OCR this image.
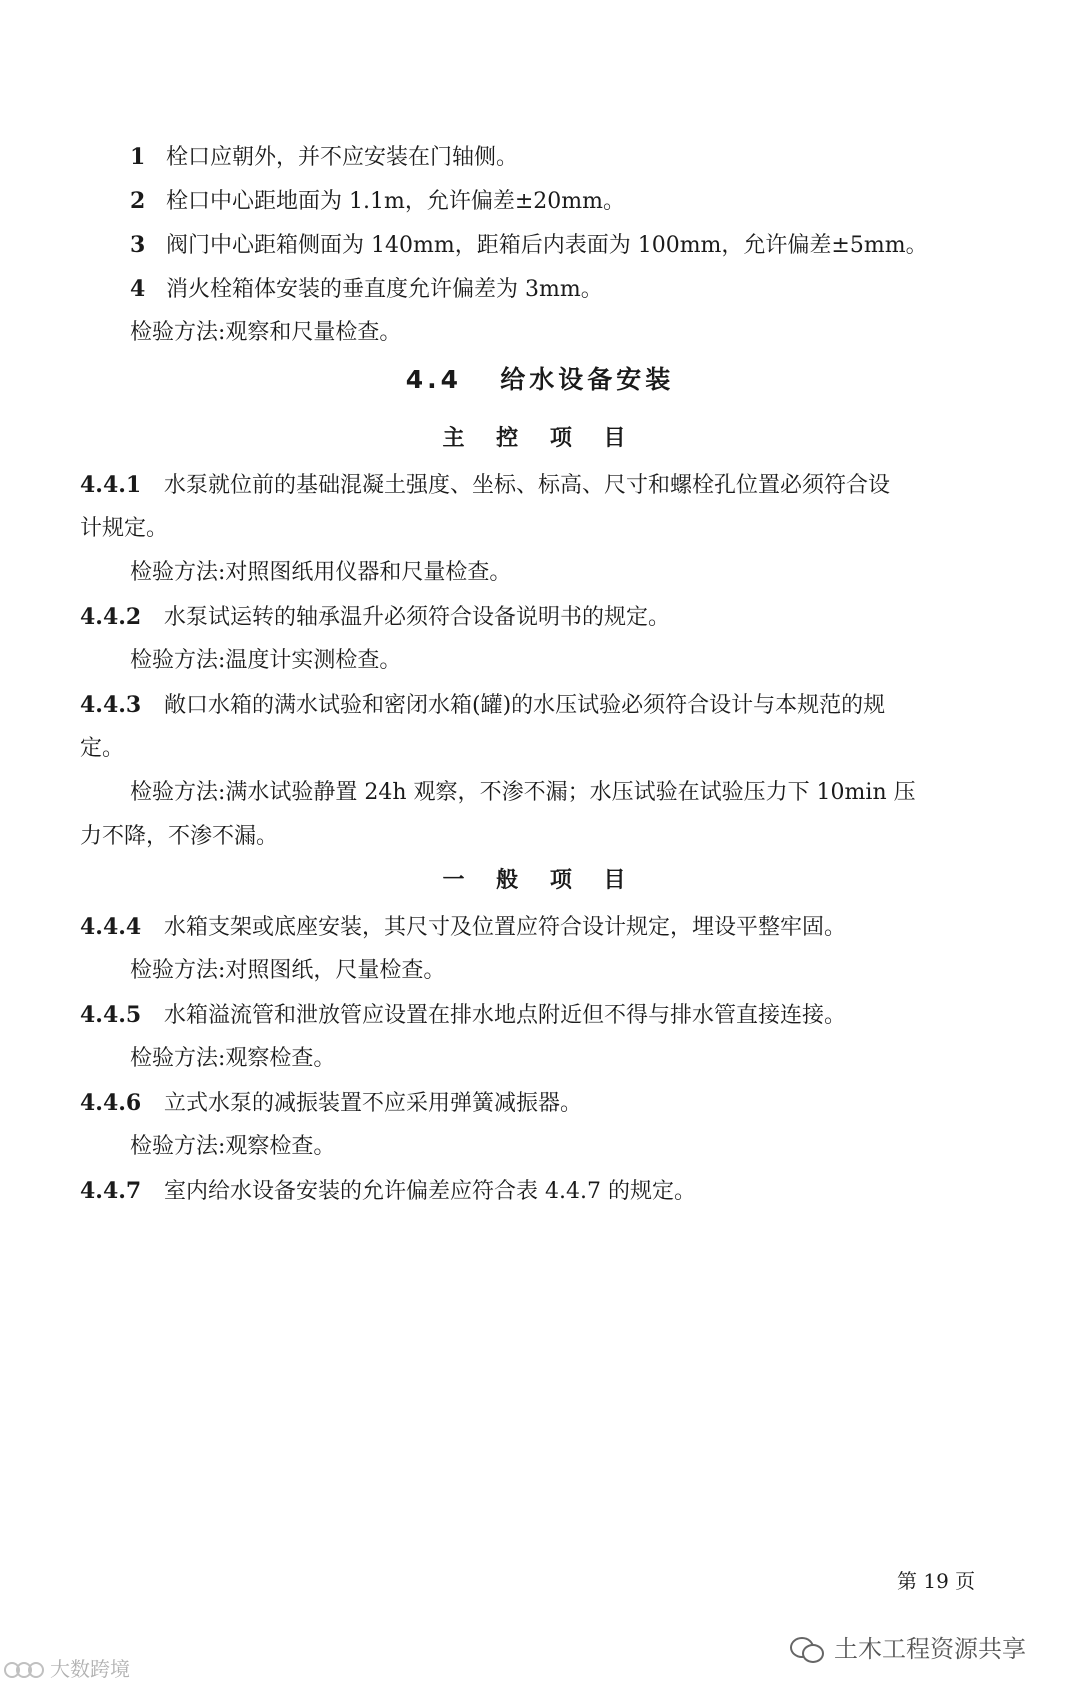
1 栓口应朝外，并不应安装在门轴侧。
2 栓口中心距地面为 1.1m，允许偏差±20mm。
3 阀门中心距箱侧面为 140mm，距箱后内表面为 100mm，允许偏差±5mm。
4 消火栓箱体安装的垂直度允许偏差为 3mm。
检验方法:观察和尺量检查。
4.4 给水设备安装
主 控 项 目
4.4.1 水泵就位前的基础混凝土强度、坐标、标高、尺寸和螺栓孔位置必须符合设
计规定。
检验方法:对照图纸用仪器和尺量检查。
4.4.2 水泵试运转的轴承温升必须符合设备说明书的规定。
检验方法:温度计实测检查。
4.4.3 敞口水箱的满水试验和密闭水箱(罐)的水压试验必须符合设计与本规范的规
定。
检验方法:满水试验静置 24h 观察，不渗不漏；水压试验在试验压力下 10min 压
力不降，不渗不漏。
一 般 项 目
4.4.4 水箱支架或底座安装，其尺寸及位置应符合设计规定，埋设平整牢固。
检验方法:对照图纸，尺量检查。
4.4.5 水箱溢流管和泄放管应设置在排水地点附近但不得与排水管直接连接。
检验方法:观察检查。
4.4.6 立式水泵的减振装置不应采用弹簧减振器。
检验方法:观察检查。
4.4.7 室内给水设备安装的允许偏差应符合表 4.4.7 的规定。
第 19 页
土木工程资源共享
大数跨境
